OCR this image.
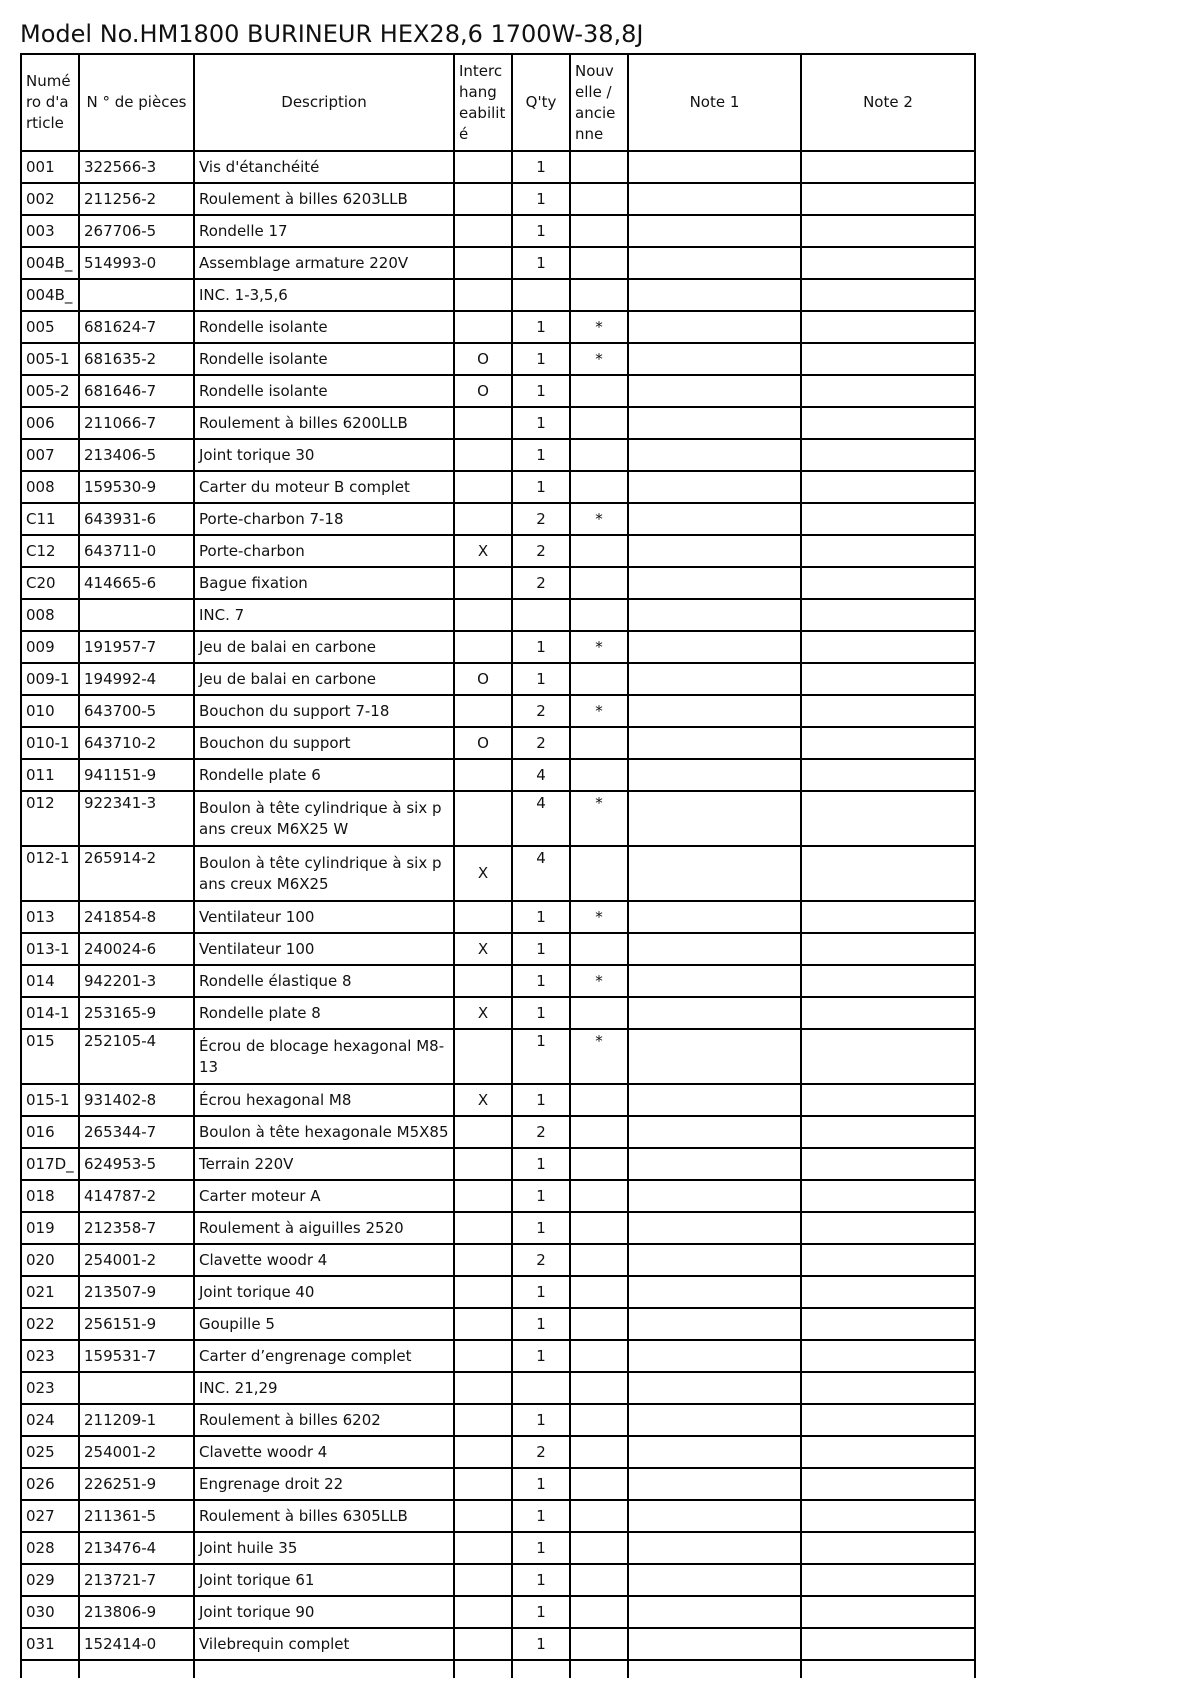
Model No.HM1800 BURINEUR HEX28,6 1700W-38,8J
Numé ro d'a rticle	N ° de pièces	Description	Interc hang eabilit é	Q'ty	Nouv elle / ancie nne	Note 1	Note 2
001	322566-3	Vis d'étanchéité		1			
002	211256-2	Roulement à billes 6203LLB		1			
003	267706-5	Rondelle 17		1			
004B_	514993-0	Assemblage armature 220V		1			
004B_		INC. 1-3,5,6					
005	681624-7	Rondelle isolante		1	*		
005-1	681635-2	Rondelle isolante	O	1	*		
005-2	681646-7	Rondelle isolante	O	1			
006	211066-7	Roulement à billes 6200LLB		1			
007	213406-5	Joint torique 30		1			
008	159530-9	Carter du moteur B complet		1			
C11	643931-6	Porte-charbon 7-18		2	*		
C12	643711-0	Porte-charbon	X	2			
C20	414665-6	Bague fixation		2			
008		INC. 7					
009	191957-7	Jeu de balai en carbone		1	*		
009-1	194992-4	Jeu de balai en carbone	O	1			
010	643700-5	Bouchon du support 7-18		2	*		
010-1	643710-2	Bouchon du support	O	2			
011	941151-9	Rondelle plate 6		4			
012	922341-3	Boulon à tête cylindrique à six pans creux M6X25 W		4	*		
012-1	265914-2	Boulon à tête cylindrique à six pans creux M6X25	X	4			
013	241854-8	Ventilateur 100		1	*		
013-1	240024-6	Ventilateur 100	X	1			
014	942201-3	Rondelle élastique 8		1	*		
014-1	253165-9	Rondelle plate 8	X	1			
015	252105-4	Écrou de blocage hexagonal M8-13		1	*		
015-1	931402-8	Écrou hexagonal M8	X	1			
016	265344-7	Boulon à tête hexagonale M5X85		2			
017D_	624953-5	Terrain 220V		1			
018	414787-2	Carter moteur A		1			
019	212358-7	Roulement à aiguilles 2520		1			
020	254001-2	Clavette woodr 4		2			
021	213507-9	Joint torique 40		1			
022	256151-9	Goupille 5		1			
023	159531-7	Carter d’engrenage complet		1			
023		INC. 21,29					
024	211209-1	Roulement à billes 6202		1			
025	254001-2	Clavette woodr 4		2			
026	226251-9	Engrenage droit 22		1			
027	211361-5	Roulement à billes 6305LLB		1			
028	213476-4	Joint huile 35		1			
029	213721-7	Joint torique 61		1			
030	213806-9	Joint torique 90		1			
031	152414-0	Vilebrequin complet		1			
